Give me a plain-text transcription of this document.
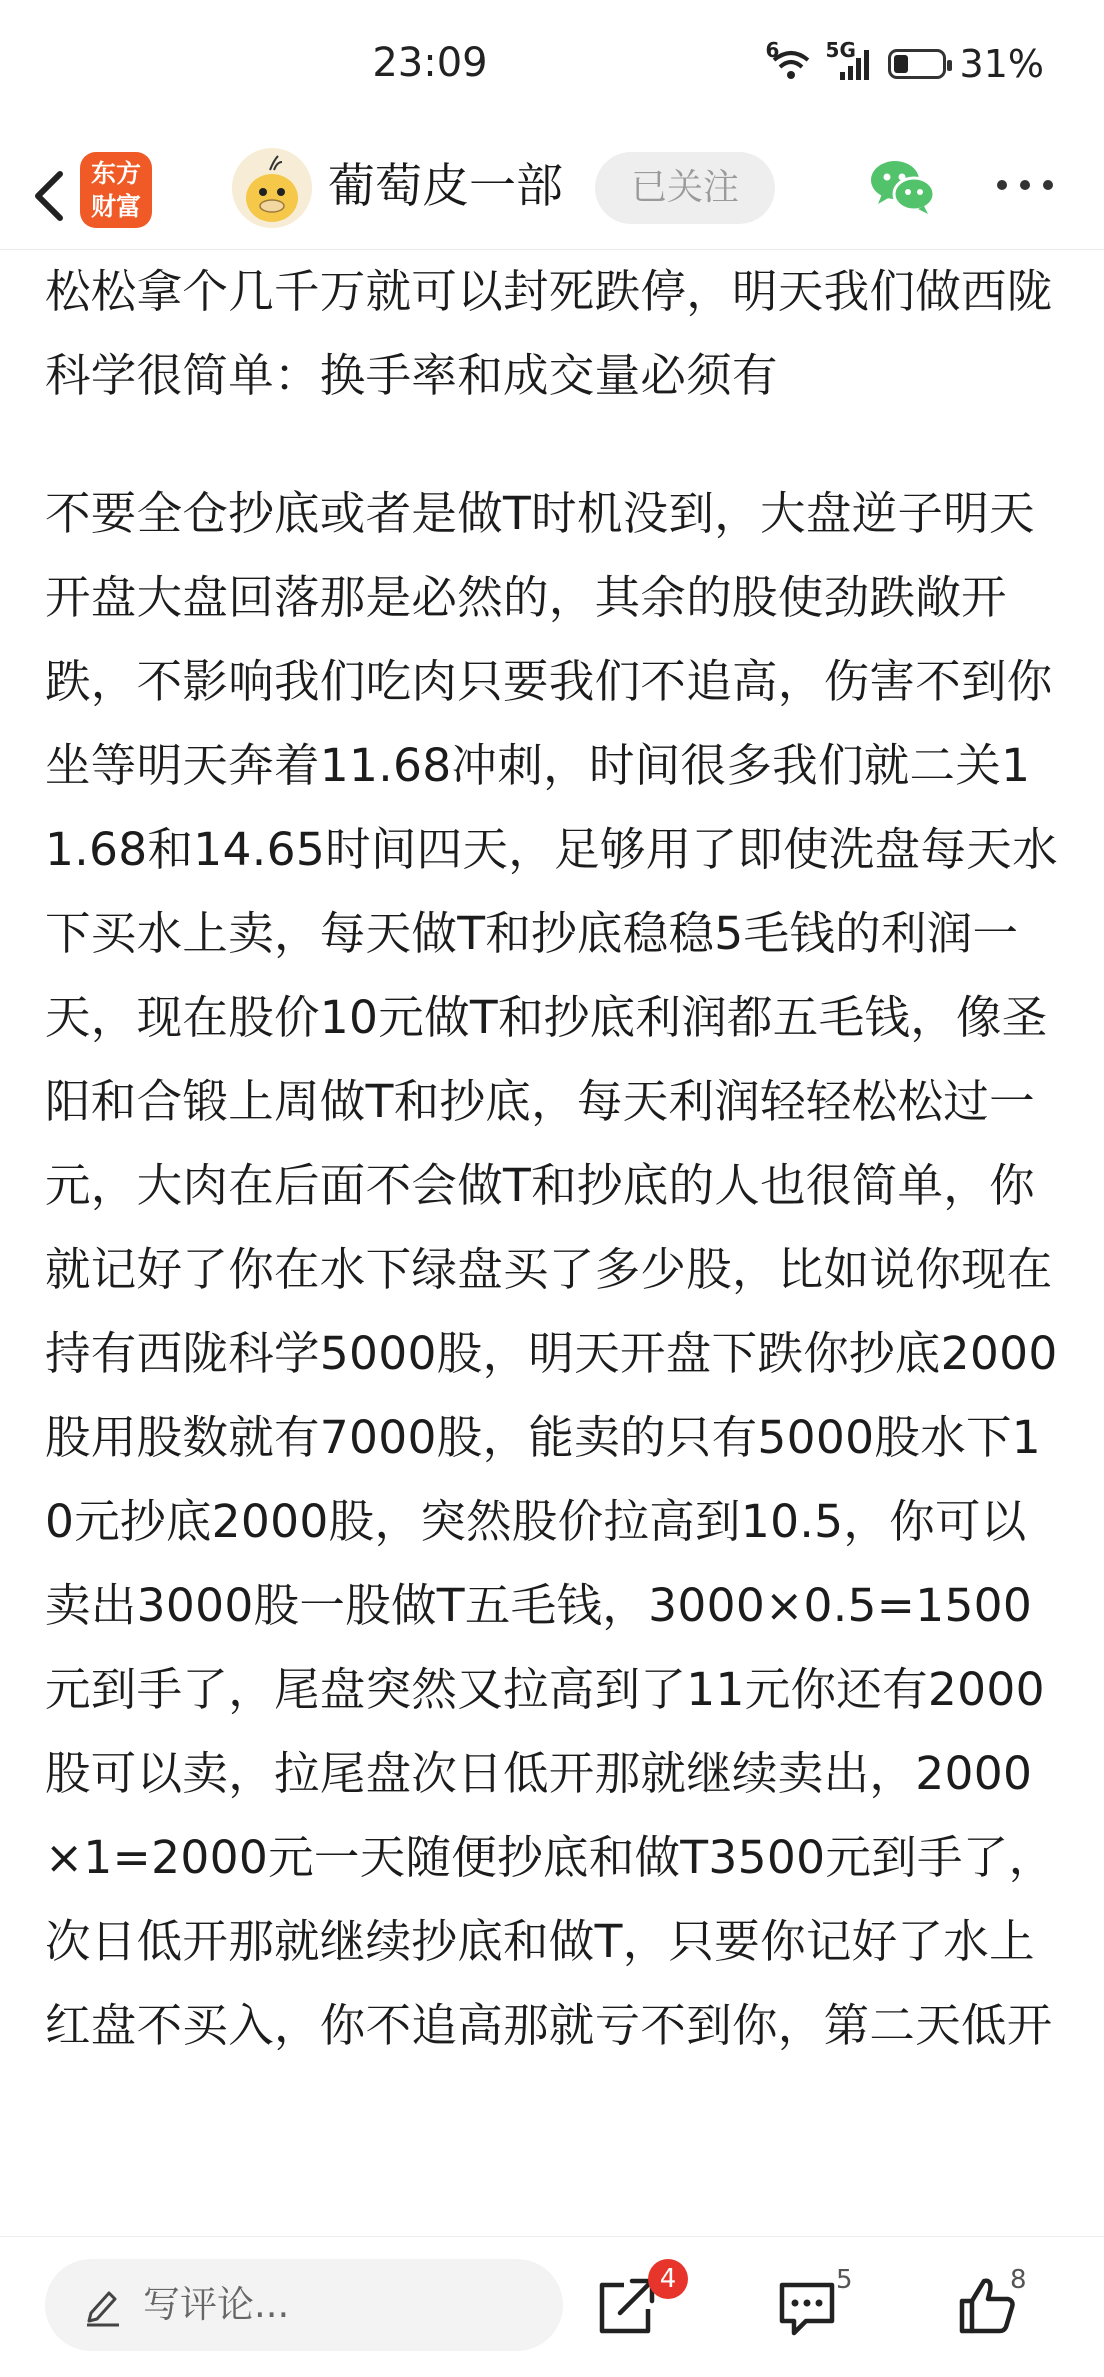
23:09	6 5G	31%
东方
财富	葡萄皮一部	已关注

松松拿个几千万就可以封死跌停，明天我们做西陇科学很简单：换手率和成交量必须有

不要全仓抄底或者是做T时机没到，大盘逆子明天开盘大盘回落那是必然的，其余的股使劲跌敞开跌，不影响我们吃肉只要我们不追高，伤害不到你坐等明天奔着11.68冲刺，时间很多我们就二关11.68和14.65时间四天，足够用了即使洗盘每天水下买水上卖，每天做T和抄底稳稳5毛钱的利润一天，现在股价10元做T和抄底利润都五毛钱，像圣阳和合锻上周做T和抄底，每天利润轻轻松松过一元，大肉在后面不会做T和抄底的人也很简单，你就记好了你在水下绿盘买了多少股，比如说你现在持有西陇科学5000股，明天开盘下跌你抄底2000股用股数就有7000股，能卖的只有5000股水下10元抄底2000股，突然股价拉高到10.5，你可以卖出3000股一股做T五毛钱，3000×0.5=1500元到手了，尾盘突然又拉高到了11元你还有2000股可以卖，拉尾盘次日低开那就继续卖出，2000×1=2000元一天随便抄底和做T3500元到手了，次日低开那就继续抄底和做T，只要你记好了水上红盘不买入，你不追高那就亏不到你，第二天低开

写评论...
4	5	8
